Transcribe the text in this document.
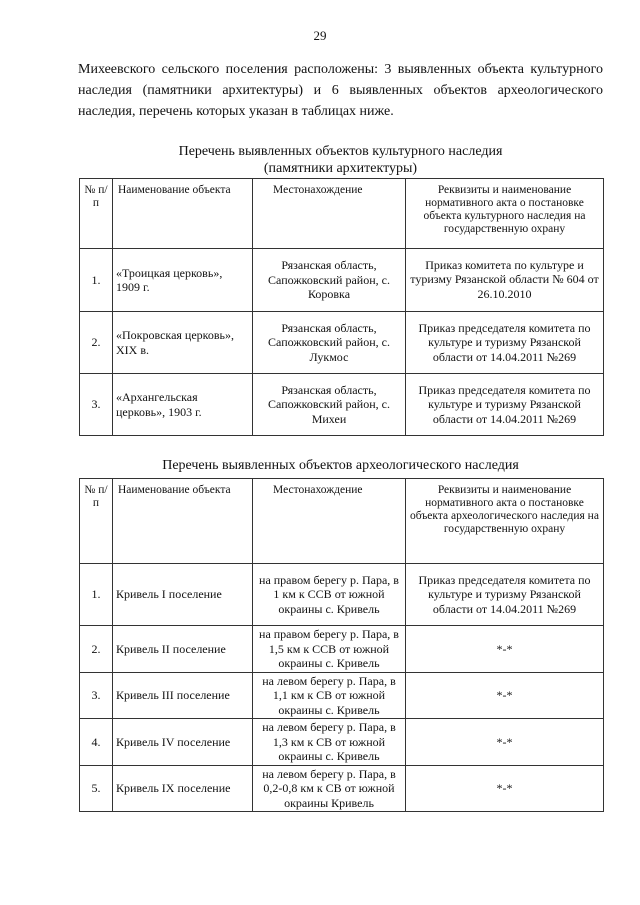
29
Михеевского сельского поселения расположены: 3 выявленных объекта культурного наследия (памятники архитектуры) и 6 выявленных объектов археологического наследия, перечень которых указан в таблицах ниже.
Перечень выявленных объектов культурного наследия
(памятники архитектуры)
№ п/п	Наименование объекта	Местонахождение	Реквизиты и наименование нормативного акта о постановке объекта культурного наследия на государственную охрану
1.	«Троицкая церковь», 1909 г.	Рязанская область, Сапожковский район, с. Коровка	Приказ комитета по культуре и туризму Рязанской области № 604 от 26.10.2010
2.	«Покровская церковь», XIX в.	Рязанская область, Сапожковский район, с. Лукмос	Приказ председателя комитета по культуре и туризму Рязанской области от 14.04.2011 №269
3.	«Архангельская церковь», 1903 г.	Рязанская область, Сапожковский район, с. Михеи	Приказ председателя комитета по культуре и туризму Рязанской области от 14.04.2011 №269
Перечень выявленных объектов археологического наследия
№ п/п	Наименование объекта	Местонахождение	Реквизиты и наименование нормативного акта о постановке объекта археологического наследия на государственную охрану
1.	Кривель I поселение	на правом берегу р. Пара, в 1 км к ССВ от южной окраины с. Кривель	Приказ председателя комитета по культуре и туризму Рязанской области от 14.04.2011 №269
2.	Кривель II поселение	на правом берегу р. Пара, в 1,5 км к ССВ от южной окраины с. Кривель	*-*
3.	Кривель III поселение	на левом берегу р. Пара, в 1,1 км к СВ от южной окраины с. Кривель	*-*
4.	Кривель IV поселение	на левом берегу р. Пара, в 1,3 км к СВ от южной окраины с. Кривель	*-*
5.	Кривель IX поселение	на левом берегу р. Пара, в 0,2-0,8 км к СВ от южной окраины Кривель	*-*
